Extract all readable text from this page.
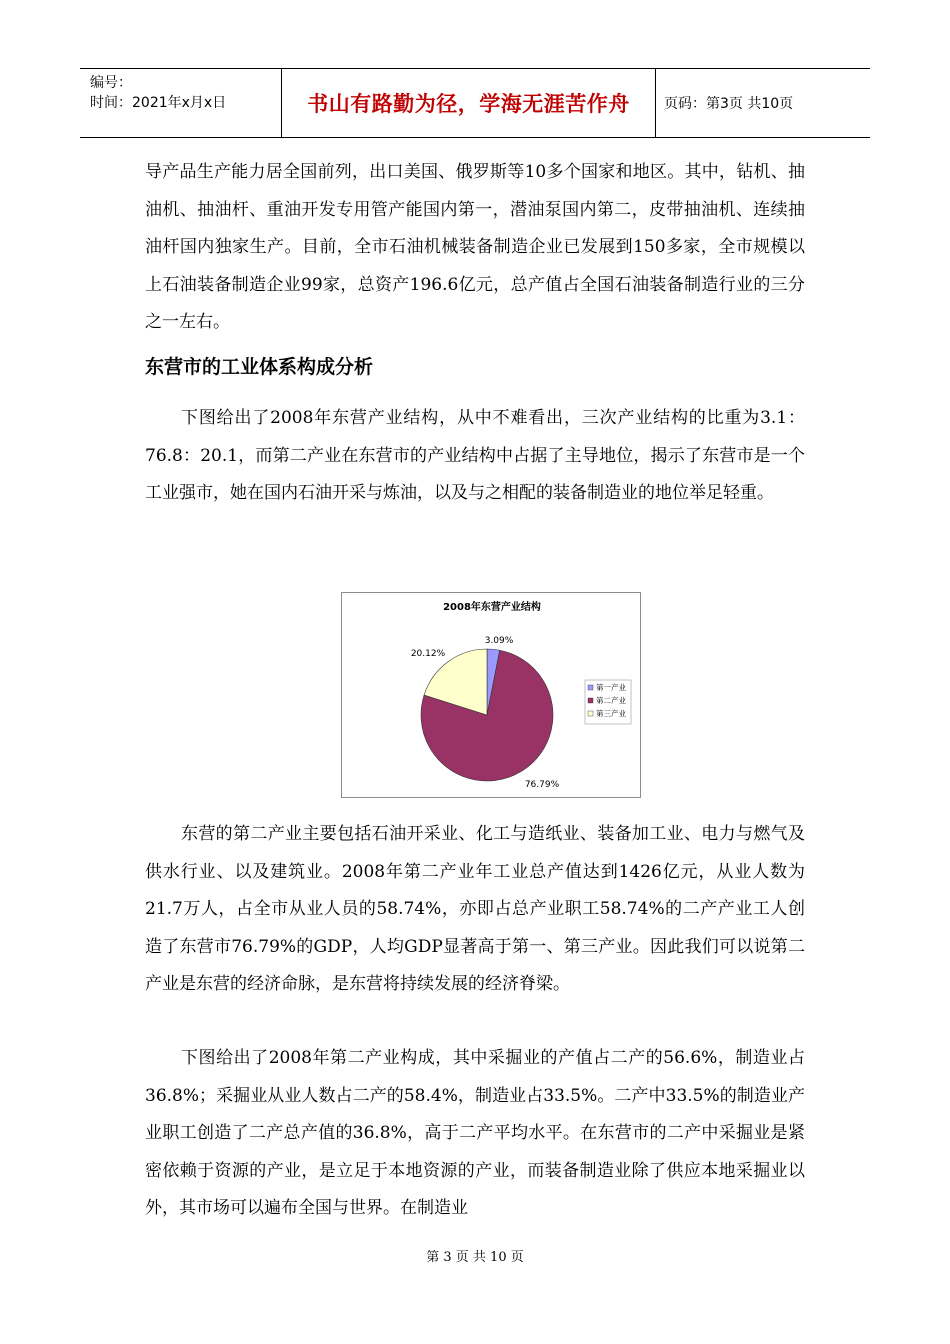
编号：
时间：2021年x月x日	书山有路勤为径，学海无涯苦作舟	页码：第3页 共10页

导产品生产能力居全国前列，出口美国、俄罗斯等10多个国家和地区。其中，钻机、抽油机、抽油杆、重油开发专用管产能国内第一，潜油泵国内第二，皮带抽油机、连续抽油杆国内独家生产。目前，全市石油机械装备制造企业已发展到150多家，全市规模以上石油装备制造企业99家，总资产196.6亿元，总产值占全国石油装备制造行业的三分之一左右。

东营市的工业体系构成分析

下图给出了2008年东营产业结构，从中不难看出，三次产业结构的比重为3.1：76.8：20.1，而第二产业在东营市的产业结构中占据了主导地位，揭示了东营市是一个工业强市，她在国内石油开采与炼油，以及与之相配的装备制造业的地位举足轻重。

2008年东营产业结构
3.09%
76.79%
20.12%
第一产业
第二产业
第三产业

东营的第二产业主要包括石油开采业、化工与造纸业、装备加工业、电力与燃气及供水行业、以及建筑业。2008年第二产业年工业总产值达到1426亿元，从业人数为21.7万人，占全市从业人员的58.74%，亦即占总产业职工58.74%的二产产业工人创造了东营市76.79%的GDP，人均GDP显著高于第一、第三产业。因此我们可以说第二产业是东营的经济命脉，是东营将持续发展的经济脊梁。

下图给出了2008年第二产业构成，其中采掘业的产值占二产的56.6%，制造业占36.8%；采掘业从业人数占二产的58.4%，制造业占33.5%。二产中33.5%的制造业产业职工创造了二产总产值的36.8%，高于二产平均水平。在东营市的二产中采掘业是紧密依赖于资源的产业，是立足于本地资源的产业，而装备制造业除了供应本地采掘业以外，其市场可以遍布全国与世界。在制造业

第 3 页 共 10 页
